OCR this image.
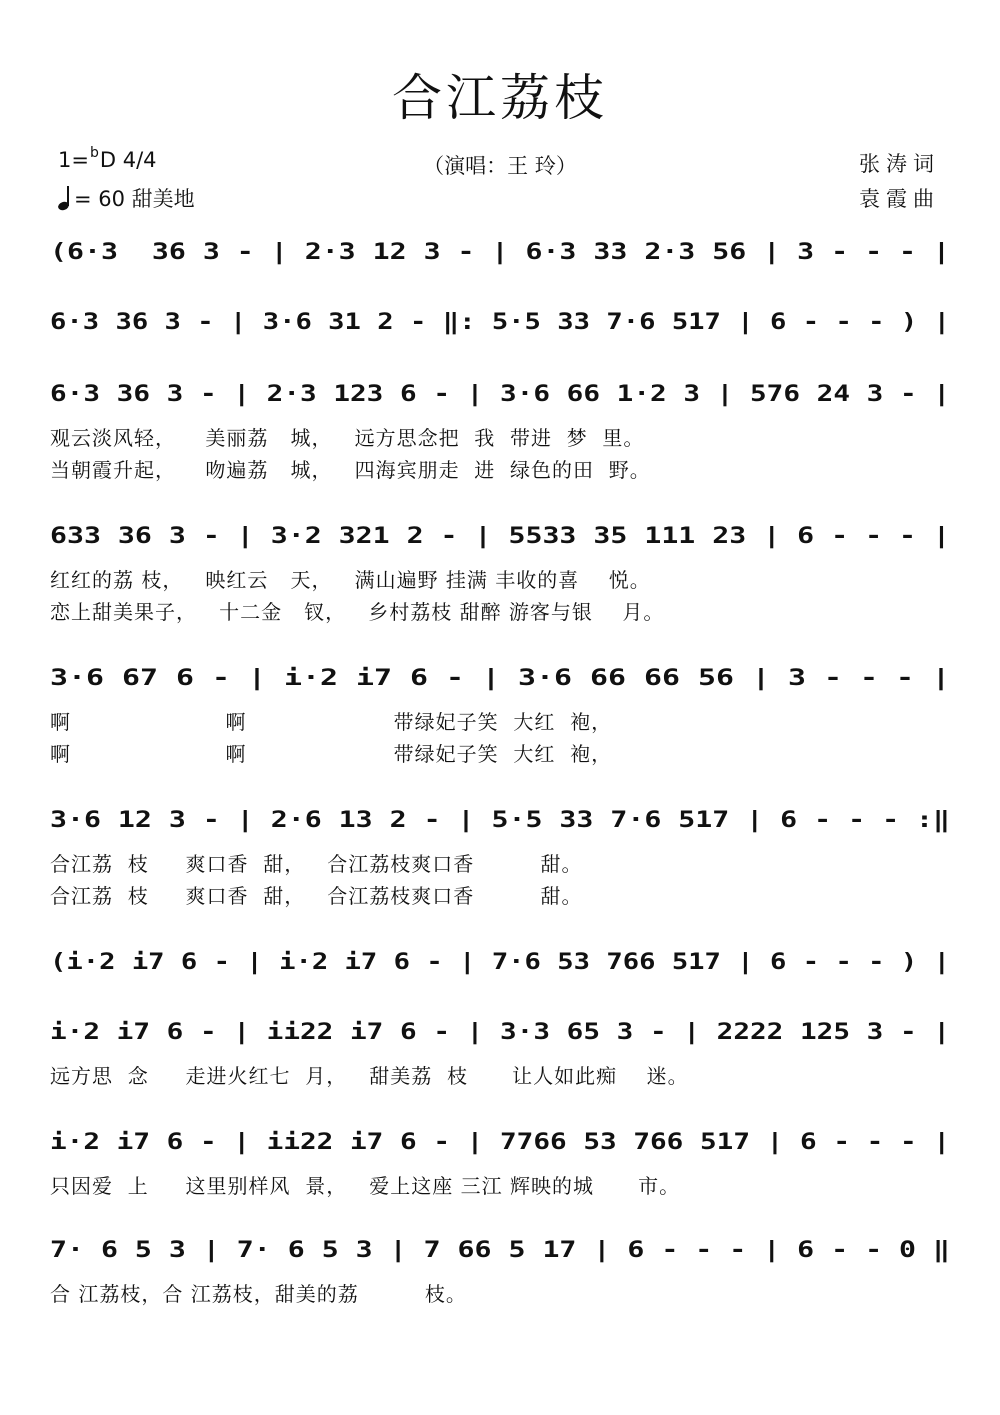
合江荔枝
1=$^b$D 4/4
= 60 甜美地
（演唱：王 玲）	张涛词
袁霞曲
(6·3  36 3 - | 2·3 12 3 - | 6·3 33 2·3 56 | 3 - - - |
6·3 36 3 - | 3·6 31 2 - ‖: 5·5 33 7·6 517 | 6 - - - ) |
6·3 36 3 - | 2·3 123 6 - | 3·6 66 1·2 3 | 576 24 3 - |
观云淡风轻，    美丽荔   城，   远方思念把  我  带进  梦  里。
当朝霞升起，    吻遍荔   城，   四海宾朋走  进  绿色的田  野。
633 36 3 - | 3·2 321 2 - | 5533 35 111 23 | 6 - - - |
红红的荔 枝，   映红云   天，   满山遍野 挂满 丰收的喜    悦。
恋上甜美果子，   十二金   钗，   乡村荔枝 甜醉 游客与银    月。
3·6 67 6 - | i·2 i7 6 - | 3·6 66 66 56 | 3 - - - |
啊                     啊                    带绿妃子笑  大红  袍，
啊                     啊                    带绿妃子笑  大红  袍，
3·6 12 3 - | 2·6 13 2 - | 5·5 33 7·6 517 | 6 - - - :‖
合江荔  枝     爽口香  甜，   合江荔枝爽口香         甜。
合江荔  枝     爽口香  甜，   合江荔枝爽口香         甜。
(i·2 i7 6 - | i·2 i7 6 - | 7·6 53 766 517 | 6 - - - ) |
i·2 i7 6 - | ii22 i7 6 - | 3·3 65 3 - | 2222 125 3 - |
远方思  念     走进火红七  月，   甜美荔  枝      让人如此痴    迷。
i·2 i7 6 - | ii22 i7 6 - | 7766 53 766 517 | 6 - - - |
只因爱  上     这里别样风  景，   爱上这座 三江 辉映的城      市。
7· 6 5 3 | 7· 6 5 3 | 7 66 5 17 | 6 - - - | 6 - - 0 ‖
合 江荔枝，合 江荔枝，甜美的荔         枝。
